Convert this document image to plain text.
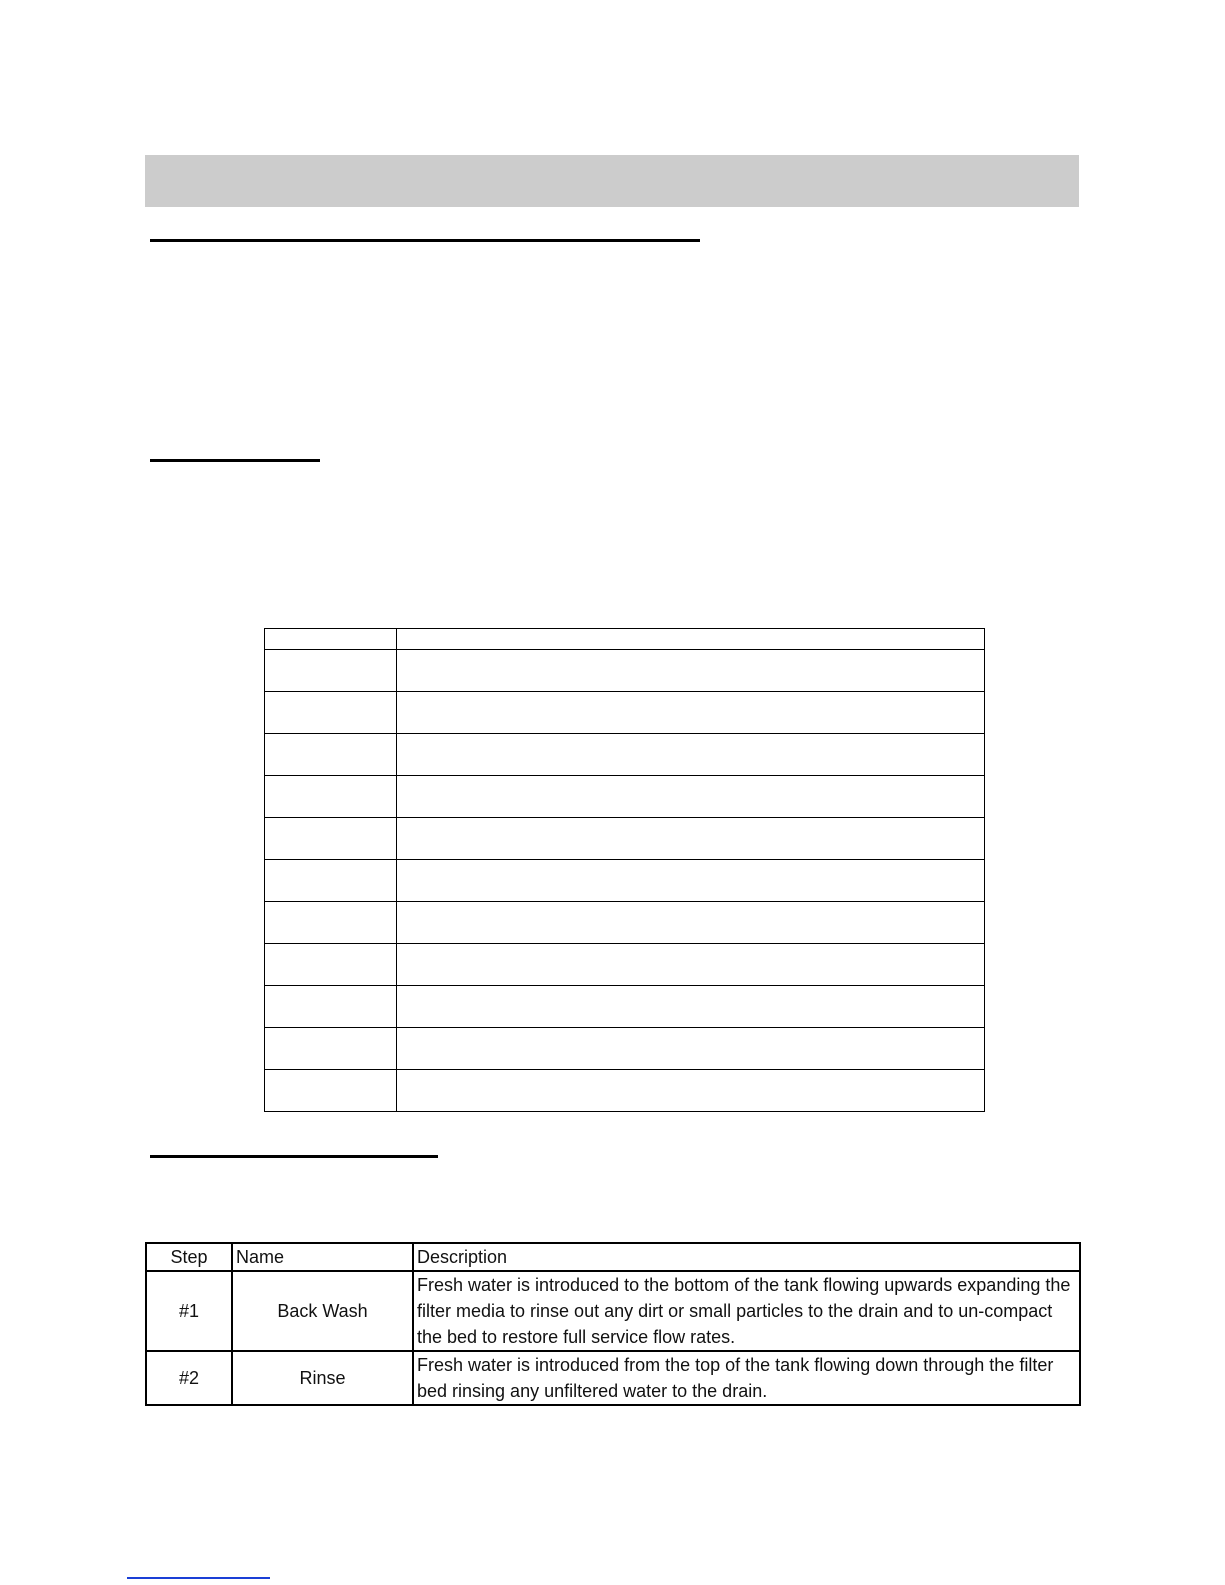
Step	Name	Description
#1	Back Wash	Fresh water is introduced to the bottom of the tank flowing upwards expanding the filter media to rinse out any dirt or small particles to the drain and to un-compact the bed to restore full service flow rates.
#2	Rinse	Fresh water is introduced from the top of the tank flowing down through the filter bed rinsing any unfiltered water to the drain.
